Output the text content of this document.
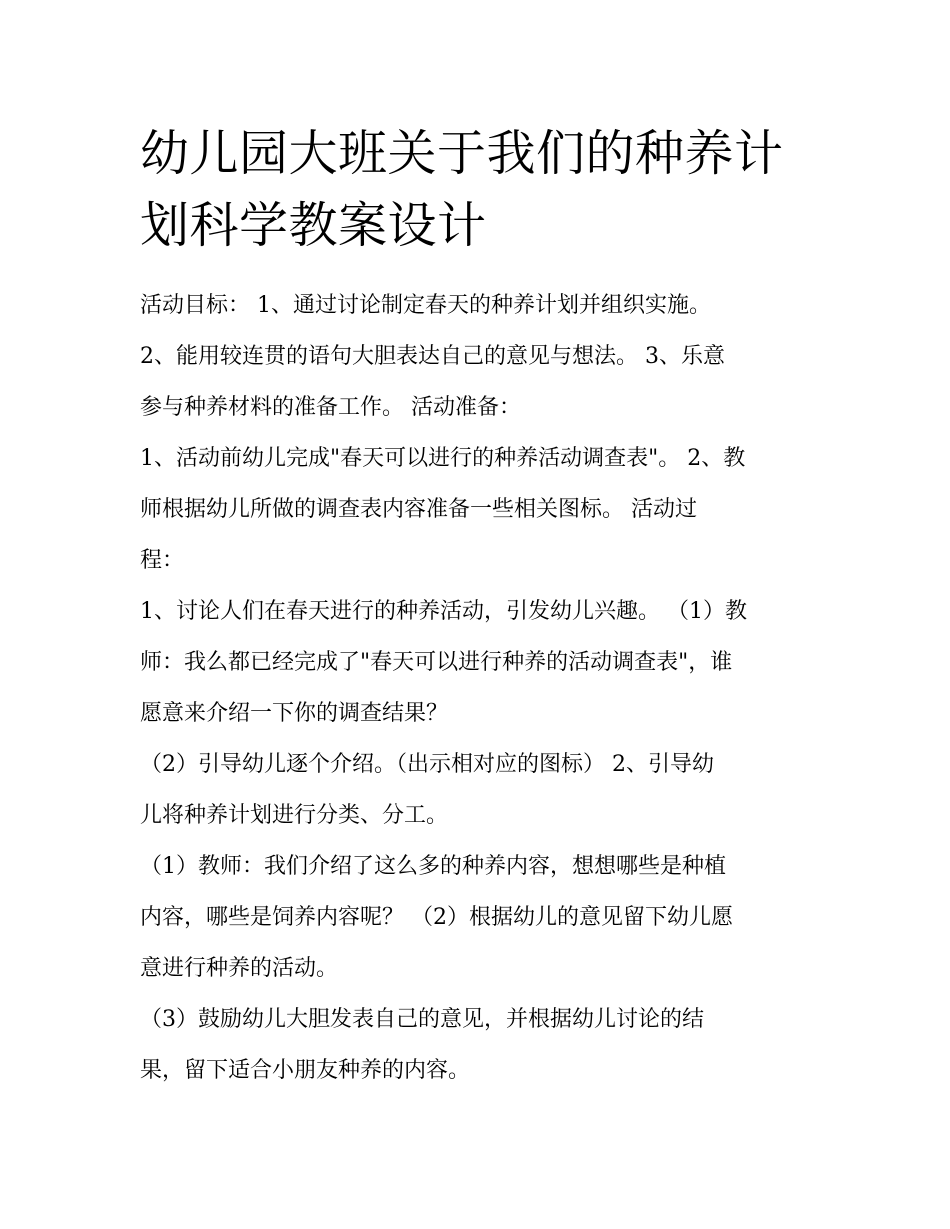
幼儿园大班关于我们的种养计
划科学教案设计
活动目标： 1、通过讨论制定春天的种养计划并组织实施。
2、能用较连贯的语句大胆表达自己的意见与想法。 3、乐意
参与种养材料的准备工作。 活动准备：
1、活动前幼儿完成"春天可以进行的种养活动调查表"。 2、教
师根据幼儿所做的调查表内容准备一些相关图标。 活动过
程：
1、讨论人们在春天进行的种养活动，引发幼儿兴趣。 （1）教
师：我么都已经完成了"春天可以进行种养的活动调查表"，谁
愿意来介绍一下你的调查结果？
（2）引导幼儿逐个介绍。（出示相对应的图标） 2、引导幼
儿将种养计划进行分类、分工。
（1）教师：我们介绍了这么多的种养内容，想想哪些是种植
内容，哪些是饲养内容呢？ （2）根据幼儿的意见留下幼儿愿
意进行种养的活动。
（3）鼓励幼儿大胆发表自己的意见，并根据幼儿讨论的结
果，留下适合小朋友种养的内容。
